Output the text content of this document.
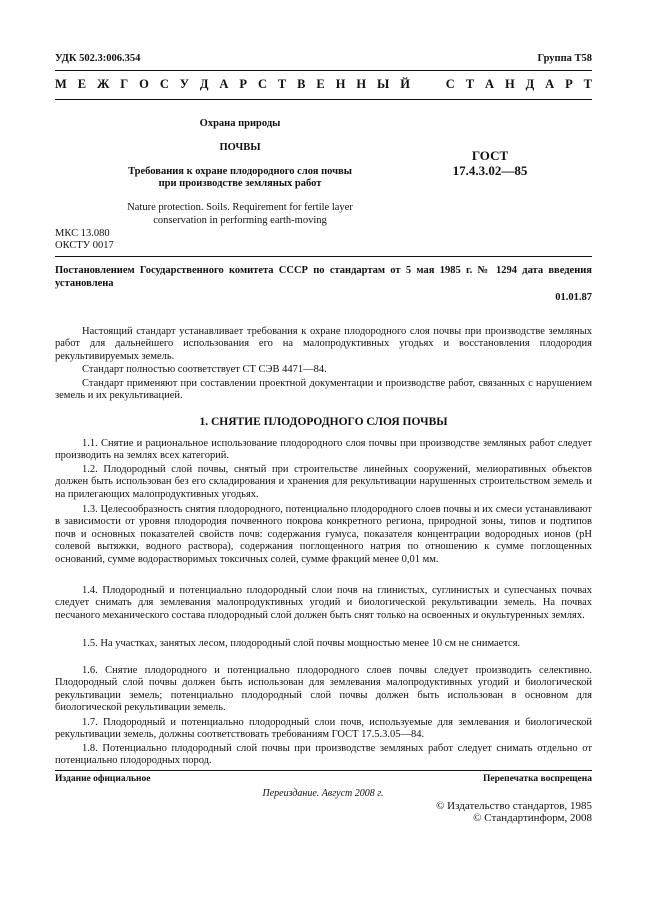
УДК 502.3:006.354	Группа Т58
М Е Ж Г О С У Д А Р С Т В Е Н Н Ы Й	С Т А Н Д А Р Т
Охрана природы
ПОЧВЫ
Требования к охране плодородного слоя почвы
при производстве земляных работ
Nature protection. Soils. Requirement for fertile layer
conservation in performing earth-moving
ГОСТ
17.4.3.02—85
МКС 13.080
ОКСТУ 0017
Постановлением Государственного комитета СССР по стандартам от 5 мая 1985 г. № 1294 дата введения установлена
01.01.87

Настоящий стандарт устанавливает требования к охране плодородного слоя почвы при производстве земляных работ для дальнейшего использования его на малопродуктивных угодьях и восстановления плодородия рекультивируемых земель.

Стандарт полностью соответствует СТ СЭВ 4471—84.

Стандарт применяют при составлении проектной документации и производстве работ, связанных с нарушением земель и их рекультивацией.

1. СНЯТИЕ ПЛОДОРОДНОГО СЛОЯ ПОЧВЫ

1.1. Снятие и рациональное использование плодородного слоя почвы при производстве земляных работ следует производить на землях всех категорий.

1.2. Плодородный слой почвы, снятый при строительстве линейных сооружений, мелиоративных объектов должен быть использован без его складирования и хранения для рекультивации нарушенных строительством земель и на прилегающих малопродуктивных угодьях.

1.3. Целесообразность снятия плодородного, потенциально плодородного слоев почвы и их смеси устанавливают в зависимости от уровня плодородия почвенного покрова конкретного региона, природной зоны, типов и подтипов почв и основных показателей свойств почв: содержания гумуса, показателя концентрации водородных ионов (рН солевой вытяжки, водного раствора), содержания поглощенного натрия по отношению к сумме поглощенных оснований, сумме водорастворимых токсичных солей, сумме фракций менее 0,01 мм.

1.4. Плодородный и потенциально плодородный слои почв на глинистых, суглинистых и супесчаных почвах следует снимать для землевания малопродуктивных угодий и биологической рекультивации земель. На почвах песчаного механического состава плодородный слой должен быть снят только на освоенных и окультуренных землях.

1.5. На участках, занятых лесом, плодородный слой почвы мощностью менее 10 см не снимается.

1.6. Снятие плодородного и потенциально плодородного слоев почвы следует производить селективно. Плодородный слой почвы должен быть использован для землевания малопродуктивных угодий и биологической рекультивации земель; потенциально плодородный слой почвы должен быть использован в основном для биологической рекультивации земель.

1.7. Плодородный и потенциально плодородный слои почв, используемые для землевания и биологической рекультивации земель, должны соответствовать требованиям ГОСТ 17.5.3.05—84.

1.8. Потенциально плодородный слой почвы при производстве земляных работ следует снимать отдельно от потенциально плодородных пород.

Издание официальное	Перепечатка воспрещена
Переиздание. Август 2008 г.
© Издательство стандартов, 1985
© Стандартинформ, 2008
